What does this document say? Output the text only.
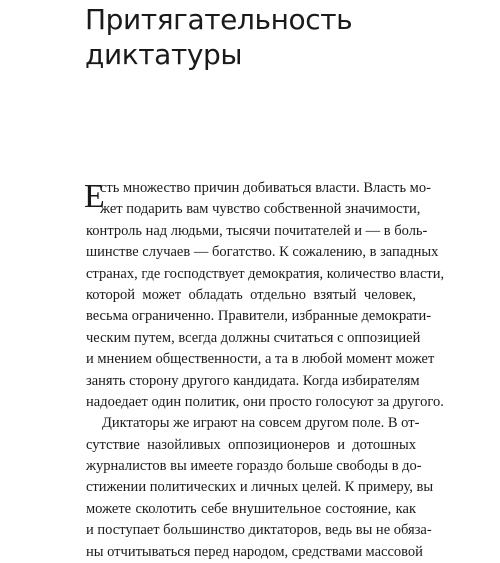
Притягательность
диктатуры
Е
сть множество причин добиваться власти. Власть мо-
жет подарить вам чувство собственной значимости,
контроль над людьми, тысячи почитателей и — в боль-
шинстве случаев — богатство. К сожалению, в западных
странах, где господствует демократия, количество власти,
которой может обладать отдельно взятый человек,
весьма ограниченно. Правители, избранные демократи-
ческим путем, всегда должны считаться с оппозицией
и мнением общественности, а та в любой момент может
занять сторону другого кандидата. Когда избирателям
надоедает один политик, они просто голосуют за другого.
Диктаторы же играют на совсем другом поле. В от-
сутствие назойливых оппозиционеров и дотошных
журналистов вы имеете гораздо больше свободы в до-
стижении политических и личных целей. К примеру, вы
можете сколотить себе внушительное состояние, как
и поступает большинство диктаторов, ведь вы не обяза-
ны отчитываться перед народом, средствами массовой
